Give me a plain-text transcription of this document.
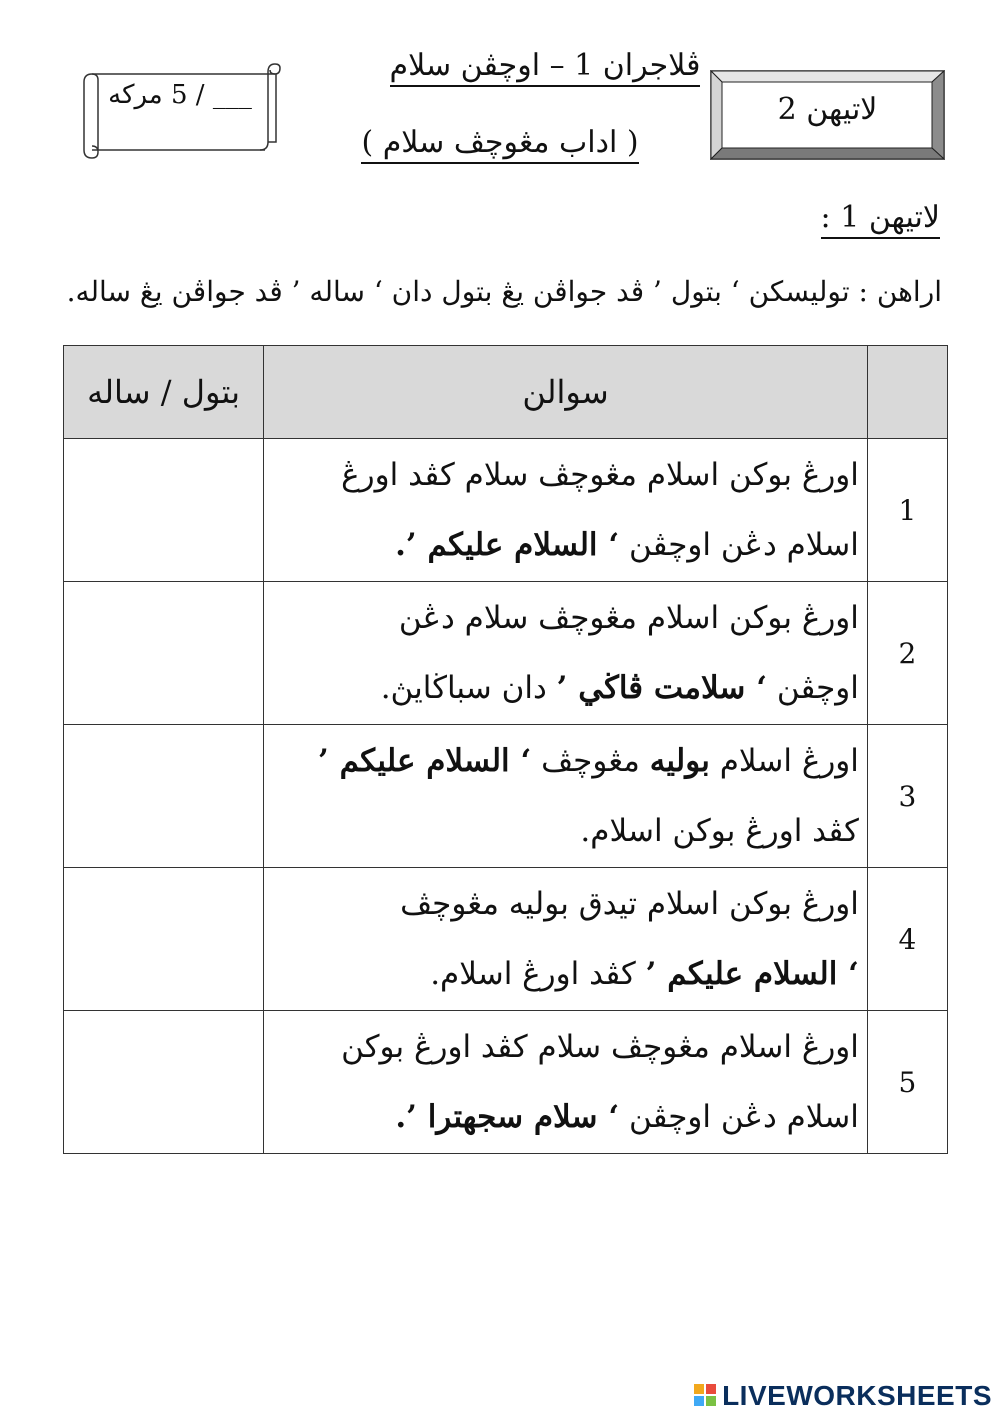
___ / 5 مركه
ڤلاجران 1 – اوچڤن سلام
( اداب مڠوچڤ سلام )
لاتيهن 2
لاتيهن 1 :
اراهن : توليسكن ‘ بتول ’ ڤد جواڤن يڠ بتول دان ‘ ساله ’ ڤد جواڤن يڠ ساله.
بتول / ساله	سوالن	

	اورڠ بوكن اسلام مڠوچڤ سلام كڤد اورڠ
اسلام دڠن اوچڤن ‘ السلام عليكم ’.	1

	اورڠ بوكن اسلام مڠوچڤ سلام دڠن
اوچڤن ‘ سلامت ڤاڬي ’ دان سباڬايڽ.	2

	اورڠ اسلام بوليه مڠوچڤ ‘ السلام عليكم ’
كڤد اورڠ بوكن اسلام.	3

	اورڠ بوكن اسلام تيدق بوليه مڠوچڤ
‘ السلام عليكم ’ كڤد اورڠ اسلام.	4

	اورڠ اسلام مڠوچڤ سلام كڤد اورڠ بوكن
اسلام دڠن اوچڤن ‘ سلام سجهترا ’.	5
LIVEWORKSHEETS
